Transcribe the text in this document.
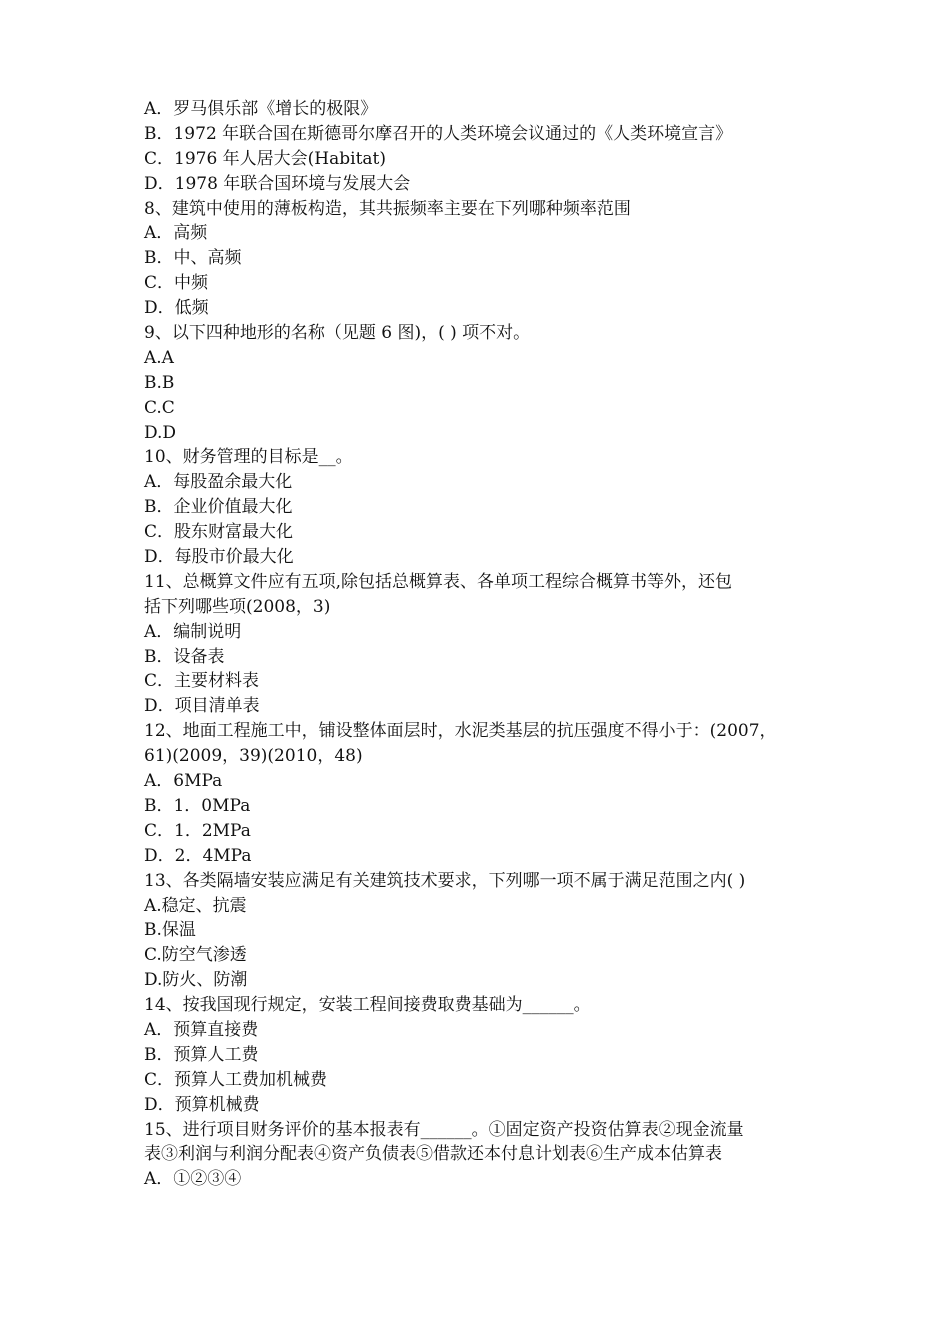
A．罗马俱乐部《增长的极限》
B．1972 年联合国在斯德哥尔摩召开的人类环境会议通过的《人类环境宣言》
C．1976 年人居大会(Habitat)
D．1978 年联合国环境与发展大会
8、建筑中使用的薄板构造，其共振频率主要在下列哪种频率范围
A．高频
B．中、高频
C．中频
D．低频
9、以下四种地形的名称（见题 6 图)，( ) 项不对。
A.A
B.B
C.C
D.D
10、财务管理的目标是__。
A．每股盈余最大化
B．企业价值最大化
C．股东财富最大化
D．每股市价最大化
11、总概算文件应有五项,除包括总概算表、各单项工程综合概算书等外，还包
括下列哪些项(2008，3)
A．编制说明
B．设备表
C．主要材料表
D．项目清单表
12、地面工程施工中，铺设整体面层时，水泥类基层的抗压强度不得小于：(2007，
61)(2009，39)(2010，48)
A．6MPa
B．1．0MPa
C．1．2MPa
D．2．4MPa
13、各类隔墙安装应满足有关建筑技术要求，下列哪一项不属于满足范围之内( )
A.稳定、抗震
B.保温
C.防空气渗透
D.防火、防潮
14、按我国现行规定，安装工程间接费取费基础为______。
A．预算直接费
B．预算人工费
C．预算人工费加机械费
D．预算机械费
15、进行项目财务评价的基本报表有______。①固定资产投资估算表②现金流量
表③利润与利润分配表④资产负债表⑤借款还本付息计划表⑥生产成本估算表
A．①②③④
